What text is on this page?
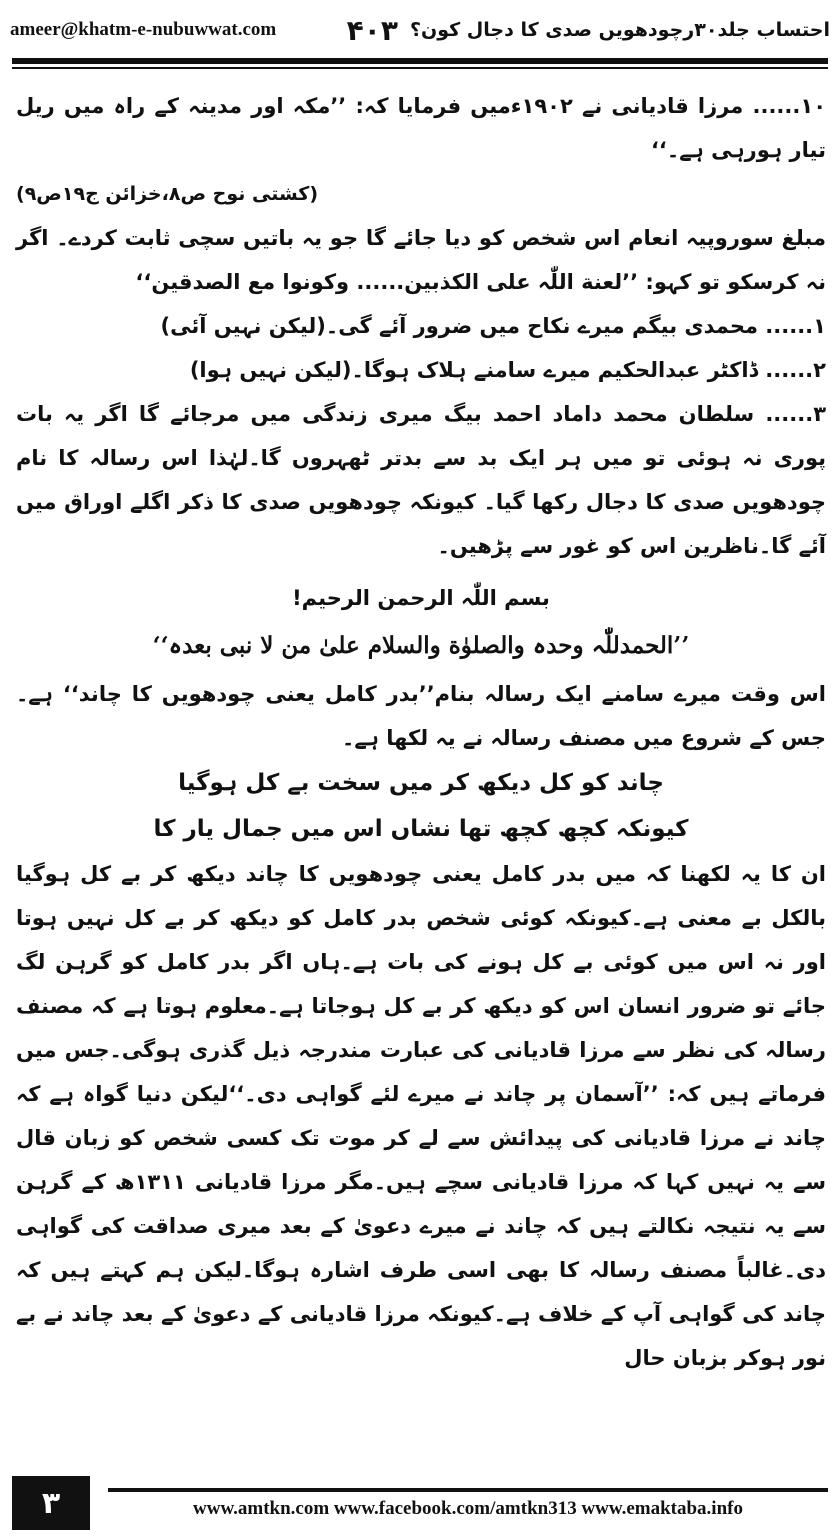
ameer@khatm-e-nubuwwat.com	احتساب جلد۳۰رچودھویں صدی کا دجال کون؟
۴۰۳

۱۰...... مرزا قادیانی نے ۱۹۰۲ءمیں فرمایا کہ: ’’مکہ اور مدینہ کے راہ میں ریل تیار ہورہی ہے۔‘‘

(کشتی نوح ص۸،خزائن ج۱۹ص۹)

مبلغ سوروپیہ انعام اس شخص کو دیا جائے گا جو یہ باتیں سچی ثابت کردے۔ اگر نہ کرسکو تو کہو: ’’لعنة اللّٰہ علی الکذبین...... وکونوا مع الصدقین‘‘

۱...... محمدی بیگم میرے نکاح میں ضرور آئے گی۔(لیکن نہیں آئی)
۲...... ڈاکٹر عبدالحکیم میرے سامنے ہلاک ہوگا۔(لیکن نہیں ہوا)
۳...... سلطان محمد داماد احمد بیگ میری زندگی میں مرجائے گا اگر یہ بات پوری نہ ہوئی تو میں ہر ایک بد سے بدتر ٹھہروں گا۔لہٰذا اس رسالہ کا نام چودھویں صدی کا دجال رکھا گیا۔ کیونکہ چودھویں صدی کا ذکر اگلے اوراق میں آئے گا۔ناظرین اس کو غور سے پڑھیں۔

بسم اللّٰہ الرحمن الرحیم!

’’الحمدللّٰہ وحدہ والصلوٰة والسلام علیٰ من لا نبی بعدہ‘‘

اس وقت میرے سامنے ایک رسالہ بنام’’بدر کامل یعنی چودھویں کا چاند‘‘ ہے۔جس کے شروع میں مصنف رسالہ نے یہ لکھا ہے۔

چاند کو کل دیکھ کر میں سخت بے کل ہوگیا

کیونکہ کچھ کچھ تھا نشاں اس میں جمال یار کا

ان کا یہ لکھنا کہ میں بدر کامل یعنی چودھویں کا چاند دیکھ کر بے کل ہوگیا بالکل بے معنی ہے۔کیونکہ کوئی شخص بدر کامل کو دیکھ کر بے کل نہیں ہوتا اور نہ اس میں کوئی بے کل ہونے کی بات ہے۔ہاں اگر بدر کامل کو گرہن لگ جائے تو ضرور انسان اس کو دیکھ کر بے کل ہوجاتا ہے۔معلوم ہوتا ہے کہ مصنف رسالہ کی نظر سے مرزا قادیانی کی عبارت مندرجہ ذیل گذری ہوگی۔جس میں فرماتے ہیں کہ: ’’آسمان پر چاند نے میرے لئے گواہی دی۔‘‘لیکن دنیا گواہ ہے کہ چاند نے مرزا قادیانی کی پیدائش سے لے کر موت تک کسی شخص کو زبان قال سے یہ نہیں کہا کہ مرزا قادیانی سچے ہیں۔مگر مرزا قادیانی ۱۳۱۱ھ کے گرہن سے یہ نتیجہ نکالتے ہیں کہ چاند نے میرے دعویٰ کے بعد میری صداقت کی گواہی دی۔غالباً مصنف رسالہ کا بھی اسی طرف اشارہ ہوگا۔لیکن ہم کہتے ہیں کہ چاند کی گواہی آپ کے خلاف ہے۔کیونکہ مرزا قادیانی کے دعویٰ کے بعد چاند نے بے نور ہوکر بزبان حال

۳	www.amtkn.com www.facebook.com/amtkn313 www.emaktaba.info
